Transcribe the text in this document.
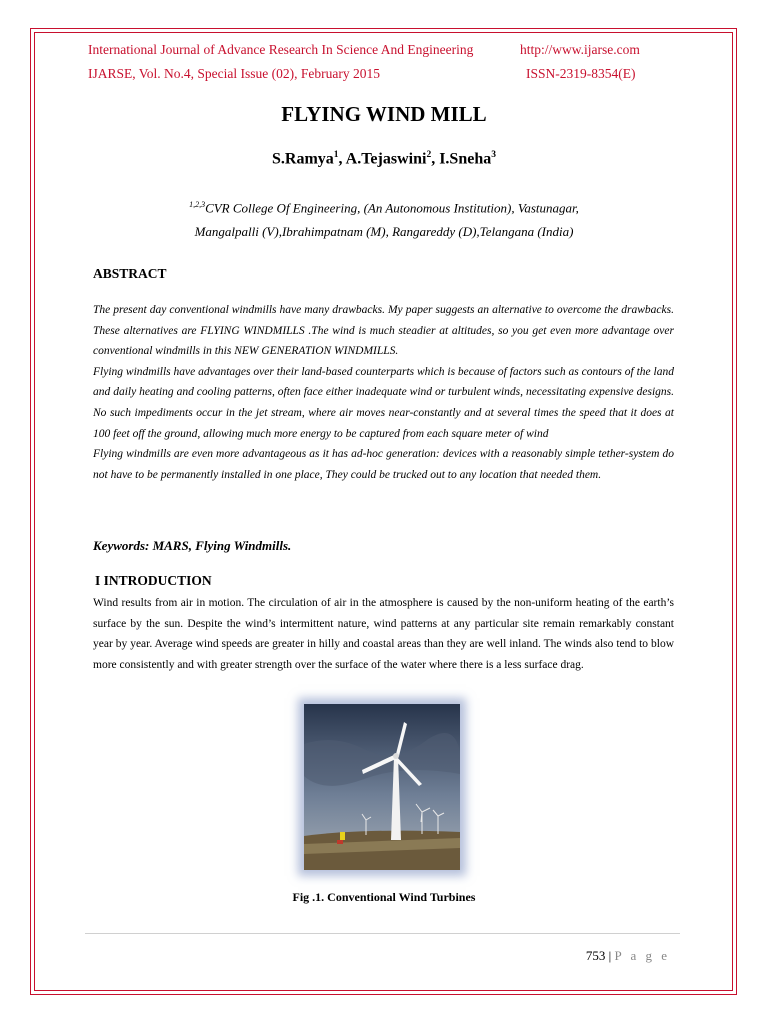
International Journal of Advance Research In Science And Engineering	http://www.ijarse.com
IJARSE, Vol. No.4, Special Issue (02), February 2015	ISSN-2319-8354(E)
FLYING WIND MILL
S.Ramya$^1$, A.Tejaswini$^2$, I.Sneha$^3$
$^{1,2,3}$CVR College Of Engineering, (An Autonomous Institution), Vastunagar,
Mangalpalli (V),Ibrahimpatnam (M), Rangareddy (D),Telangana (India)
ABSTRACT

The present day conventional windmills have many drawbacks. My paper suggests an alternative to overcome the drawbacks. These alternatives are FLYING WINDMILLS .The wind is much steadier at altitudes, so you get even more advantage over conventional windmills in this NEW GENERATION WINDMILLS.

Flying windmills have advantages over their land-based counterparts which is because of factors such as contours of the land and daily heating and cooling patterns, often face either inadequate wind or turbulent winds, necessitating expensive designs. No such impediments occur in the jet stream, where air moves near-constantly and at several times the speed that it does at 100 feet off the ground, allowing much more energy to be captured from each square meter of wind

Flying windmills are even more advantageous as it has ad-hoc generation: devices with a reasonably simple tether-system do not have to be permanently installed in one place, They could be trucked out to any location that needed them.

Keywords: MARS, Flying Windmills.
I INTRODUCTION

Wind results from air in motion. The circulation of air in the atmosphere is caused by the non-uniform heating of the earth’s surface by the sun. Despite the wind’s intermittent nature, wind patterns at any particular site remain remarkably constant year by year. Average wind speeds are greater in hilly and coastal areas than they are well inland. The winds also tend to blow more consistently and with greater strength over the surface of the water where there is a less surface drag.

Fig .1. Conventional Wind Turbines
753 | P a g e
